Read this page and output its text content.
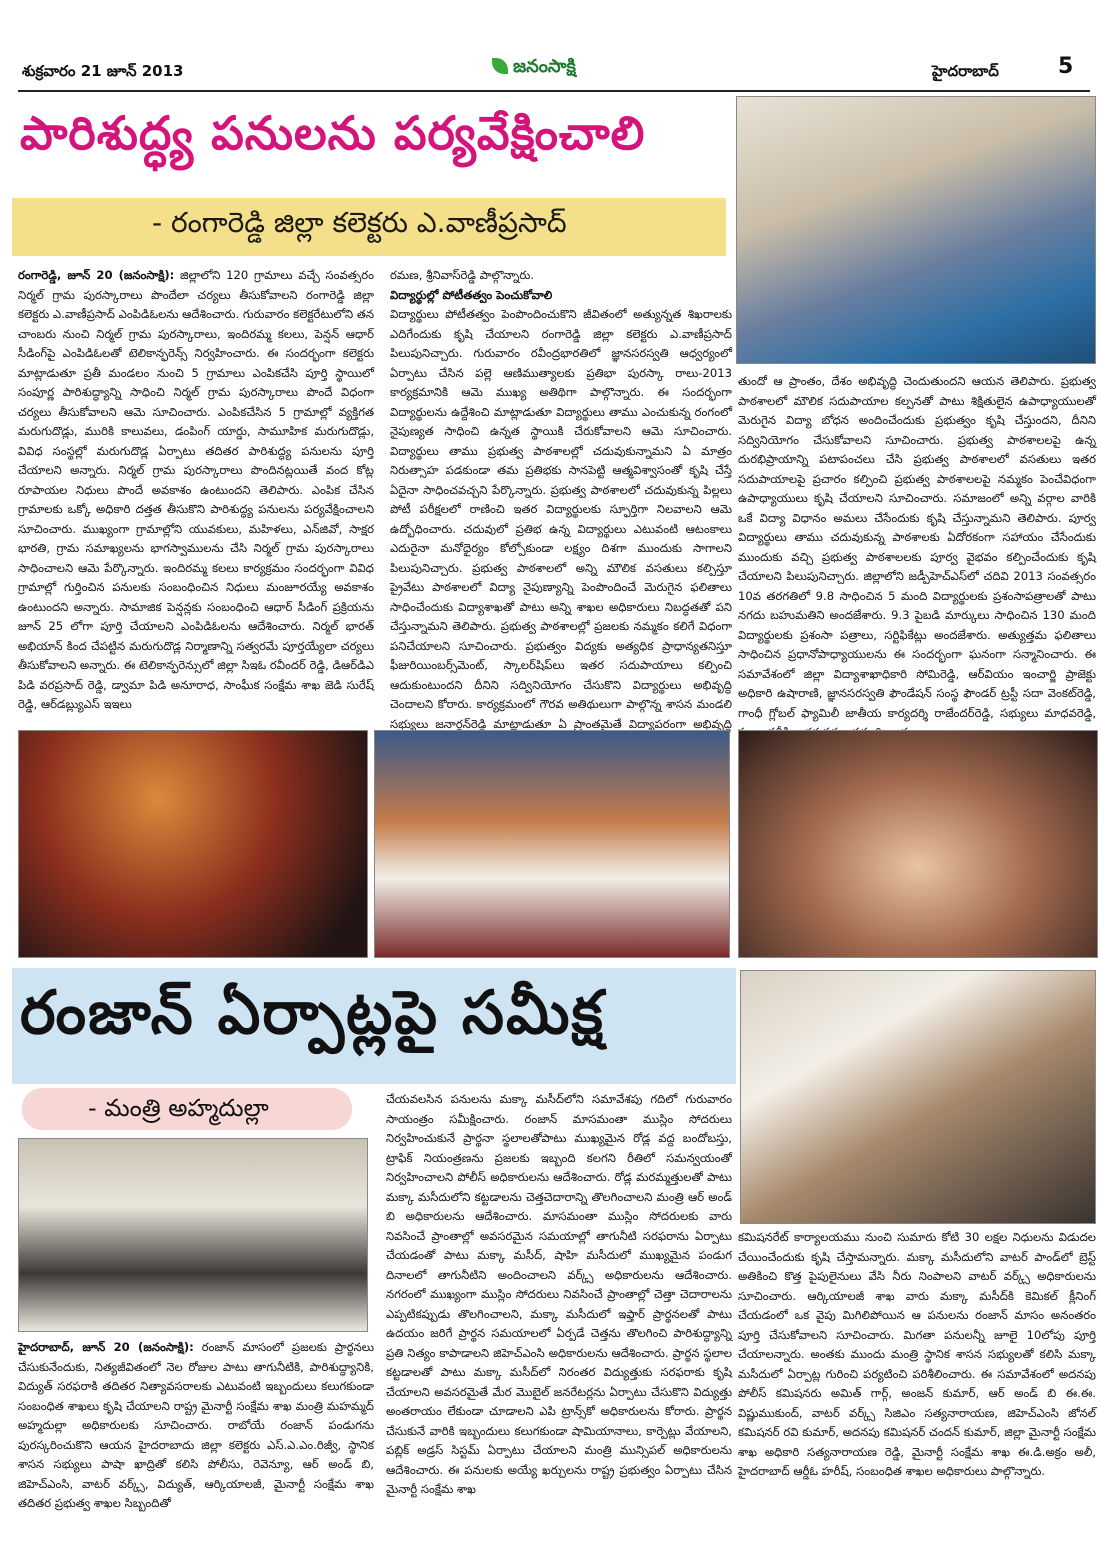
శుక్రవారం 21 జూన్ 2013	జనంసాక్షి	హైదరాబాద్	5
పారిశుద్ధ్య పనులను పర్యవేక్షించాలి
- రంగారెడ్డి జిల్లా కలెక్టరు ఎ.వాణీప్రసాద్
రంగారెడ్డి, జూన్ 20 (జనంసాక్షి): జిల్లాలోని 120 గ్రామాలు వచ్చే సంవత్సరం నిర్మల్ గ్రామ పురస్కారాలు పొందేలా చర్యలు తీసుకోవాలని రంగారెడ్డి జిల్లా కలెక్టరు ఎ.వాణీప్రసాద్ ఎంపిడిఓలను ఆదేశించారు. గురువారం కలెక్టరేటులోని తన చాంబరు నుంచి నిర్మల్ గ్రామ పురస్కారాలు, ఇందిరమ్మ కలలు, పెన్షన్ ఆధార్ సీడింగ్‌పై ఎంపిడిఓలతో టెలికాన్ఫరెన్స్ నిర్వహించారు. ఈ సందర్భంగా కలెక్టరు మాట్లాడుతూ ప్రతీ మండలం నుంచి 5 గ్రామాలు ఎంపికచేసి పూర్తి స్థాయిలో సంపూర్ణ పారిశుద్ధ్యాన్ని సాధించి నిర్మల్ గ్రామ పురస్కారాలు పొందే విధంగా చర్యలు తీసుకోవాలని ఆమె సూచించారు. ఎంపికచేసిన 5 గ్రామాల్లో వ్యక్తిగత మరుగుదొడ్లు, మురికి కాలువలు, డంపింగ్ యార్డు, సామూహిక మరుగుదొడ్లు, వివిధ సంస్థల్లో మరుగుదొడ్ల ఏర్పాటు తదితర పారిశుద్ధ్య పనులను పూర్తి చేయాలని అన్నారు. నిర్మల్ గ్రామ పురస్కారాలు పొందినట్లయితే వంద కోట్ల రూపాయల నిధులు పొందే అవకాశం ఉంటుందని తెలిపారు. ఎంపిక చేసిన గ్రామాలకు ఒక్కో అధికారి దత్తత తీసుకొని పారిశుద్ధ్య పనులను పర్యవేక్షించాలని సూచించారు. ముఖ్యంగా గ్రామాల్లోని యువకులు, మహిళలు, ఎన్‌జివో, సాక్షర భారతి, గ్రామ సమాఖ్యలను భాగస్వాములను చేసి నిర్మల్ గ్రామ పురస్కారాలు సాధించాలని ఆమె పేర్కొన్నారు. ఇందిరమ్మ కలలు కార్యక్రమం సందర్భంగా వివిధ గ్రామాల్లో గుర్తించిన పనులకు సంబంధించిన నిధులు మంజూరయ్యే అవకాశం ఉంటుందని అన్నారు. సామాజిక పెన్షన్లకు సంబంధించి ఆధార్ సీడింగ్ ప్రక్రియను జూన్ 25 లోగా పూర్తి చేయాలని ఎంపిడిఓలను ఆదేశించారు. నిర్మల్ భారత్ అభియాన్ కింద చేపట్టిన మరుగుదొడ్ల నిర్మాణాన్ని సత్వరమే పూర్తయ్యేలా చర్యలు తీసుకోవాలని అన్నారు. ఈ టెలికాన్ఫరెన్సులో జిల్లా సిఇఓ రవీందర్ రెడ్డి, డిఆర్‌డిఎ పిడి వరప్రసాద్ రెడ్డి, డ్వామా పిడి అనూరాధ, సాంఘీక సంక్షేమ శాఖ జెడి సురేష్ రెడ్డి, ఆర్‌డబ్ల్యుఎస్ ఇఇలు
రమణ, శ్రీనివాస్‌రెడ్డి పాల్గొన్నారు.
విద్యార్థుల్లో పోటీతత్వం పెంచుకోవాలి
విద్యార్థులు పోటీతత్వం పెంపొందించుకొని జీవితంలో అత్యున్నత శిఖరాలకు ఎదిగేందుకు కృషి చేయాలని రంగారెడ్డి జిల్లా కలెక్టరు ఎ.వాణీప్రసాద్ పిలుపునిచ్చారు. గురువారం రవీంద్రభారతిలో జ్ఞానసరస్వతి ఆధ్వర్యంలో ఏర్పాటు చేసిన పల్లె ఆణిముత్యాలకు ప్రతిభా పురస్కా రాలు-2013 కార్యక్రమానికి ఆమె ముఖ్య అతిథిగా పాల్గొన్నారు. ఈ సందర్భంగా విద్యార్థులను ఉద్దేశించి మాట్లాడుతూ విద్యార్థులు తాము ఎంచుకున్న రంగంలో నైపుణ్యత సాధించి ఉన్నత స్థాయికి చేరుకోవాలని ఆమె సూచించారు. విద్యార్థులు తాము ప్రభుత్వ పాఠశాలల్లో చదువుకున్నామని ఏ మాత్రం నిరుత్సాహ పడకుండా తమ ప్రతిభకు సానపెట్టి ఆత్మవిశ్వాసంతో కృషి చేస్తే ఏదైనా సాధించవచ్చని పేర్కొన్నారు. ప్రభుత్వ పాఠశాలలో చదువుకున్న పిల్లలు పోటీ పరీక్షలలో రాణించి ఇతర విద్యార్థులకు స్ఫూర్తిగా నిలవాలని ఆమె ఉద్బోధించారు. చదువులో ప్రతిభ ఉన్న విద్యార్థులు ఎటువంటి ఆటంకాలు ఎదురైనా మనోధైర్యం కోల్పోకుండా లక్ష్యం దిశగా ముందుకు సాగాలని పిలుపునిచ్చారు. ప్రభుత్వ పాఠశాలలో అన్ని మౌలిక వసతులు కల్పిస్తూ ప్రైవేటు పాఠశాలలో విద్యా నైపుణ్యాన్ని పెంపొందించే మెరుగైన ఫలితాలు సాధించేందుకు విద్యాశాఖతో పాటు అన్ని శాఖల అధికారులు నిబద్ధతతో పని చేస్తున్నామని తెలిపారు. ప్రభుత్వ పాఠశాలల్లో ప్రజలకు నమ్మకం కలిగే విధంగా పనిచేయాలని సూచించారు. ప్రభుత్వం విద్యకు అత్యధిక ప్రాధాన్యతనిస్తూ ఫీజురియింబర్స్‌మెంట్, స్కాలర్‌షిప్‌లు ఇతర సదుపాయాలు కల్పించి ఆదుకుంటుందని దీనిని సద్వినియోగం చేసుకొని విద్యార్థులు అభివృద్ధి చెందాలని కోరారు. కార్యక్రమంలో గౌరవ అతిథులుగా పాల్గొన్న శాసన మండలి సభ్యులు జనార్ధన్‌రెడ్డి మాట్లాడుతూ ఏ ప్రాంతమైతే విద్యాపరంగా అభివృద్ధి
తుందో ఆ ప్రాంతం, దేశం అభివృద్ధి చెందుతుందని ఆయన తెలిపారు. ప్రభుత్వ పాఠశాలలో మౌలిక సదుపాయాల కల్పనతో పాటు శిక్షితులైన ఉపాధ్యాయులతో మెరుగైన విద్యా బోధన అందించేందుకు ప్రభుత్వం కృషి చేస్తుందని, దీనిని సద్వినియోగం చేసుకోవాలని సూచించారు. ప్రభుత్వ పాఠశాలలపై ఉన్న దురభిప్రాయాన్ని పటాపంచలు చేసి ప్రభుత్వ పాఠశాలలో వసతులు ఇతర సదుపాయాలపై ప్రచారం కల్పించి ప్రభుత్వ పాఠశాలలపై నమ్మకం పెంచేవిధంగా ఉపాధ్యాయులు కృషి చేయాలని సూచించారు. సమాజంలో అన్ని వర్గాల వారికి ఒకే విద్యా విధానం అమలు చేసేందుకు కృషి చేస్తున్నామని తెలిపారు. పూర్వ విద్యార్థులు తాము చదువుకున్న పాఠశాలకు ఏదోరకంగా సహాయం చేసేందుకు ముందుకు వచ్చి ప్రభుత్వ పాఠశాలలకు పూర్వ వైభవం కల్పించేందుకు కృషి చేయాలని పిలుపునిచ్చారు. జిల్లాలోని జడ్పీహెచ్‌ఎస్‌లో చదివి 2013 సంవత్సరం 10వ తరగతిలో 9.8 సాధించిన 5 మంది విద్యార్థులకు ప్రశంసాపత్రాలతో పాటు నగదు బహుమతిని అందజేశారు. 9.3 పైబడి మార్కులు సాధించిన 130 మంది విద్యార్థులకు ప్రశంసా పత్రాలు, సర్టిఫికేట్లు అందజేశారు. అత్యుత్తమ ఫలితాలు సాధించిన ప్రధానోపాధ్యాయులను ఈ సందర్భంగా ఘనంగా సన్మానించారు. ఈ సమావేశంలో జిల్లా విద్యాశాఖాధికారి సోమిరెడ్డి, ఆర్‌వియం ఇంచార్జి ప్రాజెక్టు అధికారి ఉషారాణి, జ్ఞానసరస్వతి ఫౌండేషన్ సంస్థ ఫౌండర్ ట్రస్టీ సదా వెంకట్‌రెడ్డి, గాంధీ గ్లోబల్ ఫ్యామిలీ జాతీయ కార్యదర్శి రాజేందర్‌రెడ్డి, సభ్యులు మాధవరెడ్డి,
రంజాన్ ఏర్పాట్లపై సమీక్ష
- మంత్రి అహ్మదుల్లా
హైదరాబాద్, జూన్ 20 (జనంసాక్షి): రంజాన్ మాసంలో ప్రజలకు ప్రార్థనలు చేసుకునేందుకు, నిత్యజీవితంలో నెల రోజుల పాటు తాగునీటికి, పారిశుద్ధ్యానికి, విద్యుత్ సరఫరాకి తదితర నిత్యావసరాలకు ఎటువంటి ఇబ్బందులు కలుగకుండా సంబంధిత శాఖలు కృషి చేయాలని రాష్ట్ర మైనార్టీ సంక్షేమ శాఖ మంత్రి మహమ్మద్ అహ్మదుల్లా అధికారులకు సూచించారు. రాబోయే రంజాన్ పండుగను పురస్కరించుకొని ఆయన హైదరాబాదు జిల్లా కలెక్టరు ఎస్.ఎ.ఎం.రిజ్వీ, స్థానిక శాసన సభ్యులు పాషా ఖాద్రితో కలిసి పోలీసు, రెవెన్యూ, ఆర్ అండ్ బి, జిహెచ్‌ఎంసి, వాటర్ వర్క్స్, విద్యుత్, ఆర్కియాలజీ, మైనార్టీ సంక్షేమ శాఖ తదితర ప్రభుత్వ శాఖల సిబ్బందితో
చేయవలసిన పనులను మక్కా మసీద్‌లోని సమావేశపు గదిలో గురువారం సాయంత్రం సమీక్షించారు. రంజాన్ మాసమంతా ముస్లిం సోదరులు నిర్వహించుకునే ప్రార్థనా స్థలాలతోపాటు ముఖ్యమైన రోడ్ల వద్ద బందోబస్తు, ట్రాఫిక్ నియంత్రణను ప్రజలకు ఇబ్బంది కలగని రీతిలో సమన్వయంతో నిర్వహించాలని పోలీస్ అధికారులను ఆదేశించారు. రోడ్ల మరమ్మత్తులతో పాటు మక్కా మసీదులోని కట్టడాలను చెత్తచెదారాన్ని తొలగించాలని మంత్రి ఆర్ అండ్ బి అధికారులను ఆదేశించారు. మాసమంతా ముస్లిం సోదరులకు వారు నివసించే ప్రాంతాల్లో అవసరమైన సమయాల్లో తాగునీటి సరఫరాను ఏర్పాటు చేయడంతో పాటు మక్కా మసీద్, షాహి మసీదులో ముఖ్యమైన పండుగ దినాలలో తాగునీటిని అందించాలని వర్క్స్ అధికారులను ఆదేశించారు. నగరంలో ముఖ్యంగా ముస్లిం సోదరులు నివసించే ప్రాంతాల్లో చెత్తా చెదారాలను ఎప్పటికప్పుడు తొలగించాలని, మక్కా మసీదులో ఇఫ్తార్ ప్రార్థనలతో పాటు ఉదయం జరిగే ప్రార్థన సమయాలలో ఏర్పడే చెత్తను తొలగించి పారిశుద్ధ్యాన్ని ప్రతి నిత్యం కాపాడాలని జిహెచ్‌ఎంసి అధికారులను ఆదేశించారు. ప్రార్థన స్థలాల కట్టడాలతో పాటు మక్కా మసీద్‌లో నిరంతర విద్యుత్తుకు సరఫరాకు కృషి చేయాలని అవసరమైతే మేర మొబైల్ జనరేటర్లను ఏర్పాటు చేసుకొని విద్యుత్తు అంతరాయం లేకుండా చూడాలని ఎపి ట్రాన్స్‌కో అధికారులను కోరారు. ప్రార్థన చేసుకునే వారికి ఇబ్బందులు కలుగకుండా షామియానాలు, కార్పెట్లు వేయాలని, పబ్లిక్ అడ్రస్ సిస్టమ్ ఏర్పాటు చేయాలని మంత్రి మున్సిపల్ అధికారులను ఆదేశించారు. ఈ పనులకు అయ్యే ఖర్చులను రాష్ట్ర ప్రభుత్వం ఏర్పాటు చేసిన మైనార్టీ సంక్షేమ శాఖ
కమిషనరేట్ కార్యాలయము నుంచి సుమారు కోటి 30 లక్షల నిధులను విడుదల చేయించేందుకు కృషి చేస్తామన్నారు. మక్కా మసీదులోని వాటర్ పాండ్‌లో బ్రెస్ట్ అతికించి కొత్త పైపులైనులు వేసి నీరు నింపాలని వాటర్ వర్క్స్ అధికారులను సూచించారు. ఆర్కియాలజీ శాఖ వారు మక్కా మసీద్‌కి కెమికల్ క్లీనింగ్ చేయడంలో ఒక వైపు మిగిలిపోయిన ఆ పనులను రంజాన్ మాసం అనంతరం పూర్తి చేసుకోవాలని సూచించారు. మిగతా పనులన్నీ జూలై 10లోపు పూర్తి చేయాలన్నారు. అంతకు ముందు మంత్రి స్థానిక శాసన సభ్యులతో కలిసి మక్కా మసీదులో ఏర్పాట్ల గురించి పర్యటించి పరిశీలించారు. ఈ సమావేశంలో అదనపు పోలీస్ కమిషనరు అమిత్ గార్గ్, అంజన్ కుమార్, ఆర్ అండ్ బి ఈ.ఈ. విష్ణుముకుంద్, వాటర్ వర్క్స్ సిజిఎం సత్యనారాయణ, జిహెచ్‌ఎంసి జోనల్ కమిషనర్ రవి కుమార్, అదనపు కమిషనర్ చందన్ కుమార్, జిల్లా మైనార్టీ సంక్షేమ శాఖ అధికారి సత్యనారాయణ రెడ్డి, మైనార్టీ సంక్షేమ శాఖ ఈ.డి.అక్రం అలీ, హైదరాబాద్ ఆర్డీఓ హరీష్, సంబంధిత శాఖల అధికారులు పాల్గొన్నారు.
